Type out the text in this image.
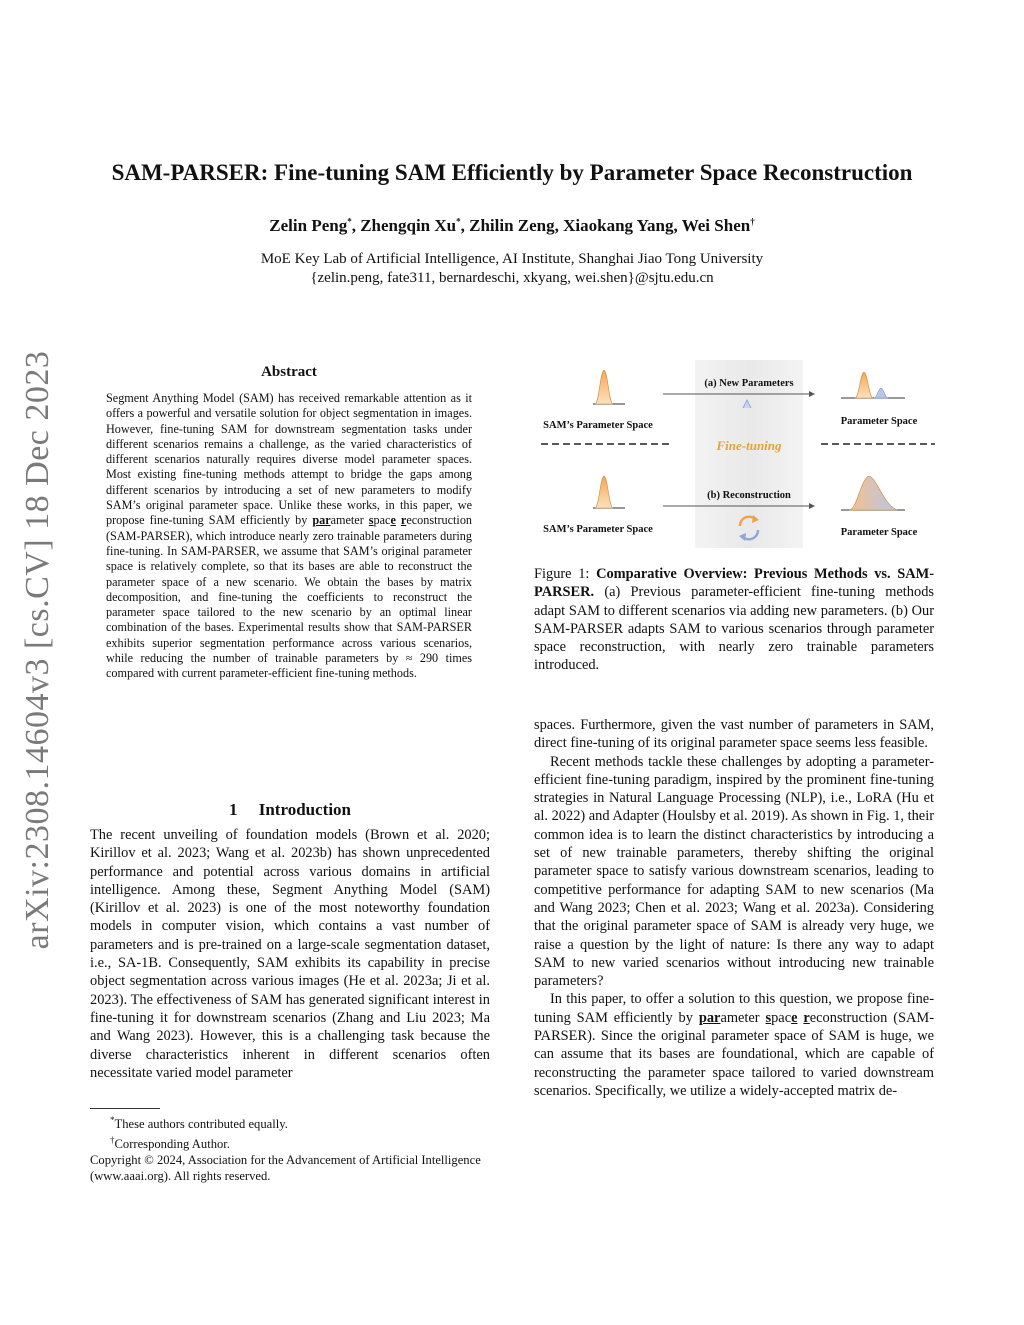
arXiv:2308.14604v3 [cs.CV] 18 Dec 2023
SAM-PARSER: Fine-tuning SAM Efficiently by Parameter Space Reconstruction
Zelin Peng*, Zhengqin Xu*, Zhilin Zeng, Xiaokang Yang, Wei Shen†
MoE Key Lab of Artificial Intelligence, AI Institute, Shanghai Jiao Tong University
{zelin.peng, fate311, bernardeschi, xkyang, wei.shen}@sjtu.edu.cn
Abstract
Segment Anything Model (SAM) has received remarkable attention as it offers a powerful and versatile solution for object segmentation in images. However, fine-tuning SAM for downstream segmentation tasks under different scenarios remains a challenge, as the varied characteristics of different scenarios naturally requires diverse model parameter spaces. Most existing fine-tuning methods attempt to bridge the gaps among different scenarios by introducing a set of new parameters to modify SAM’s original parameter space. Unlike these works, in this paper, we propose fine-tuning SAM efficiently by parameter space reconstruction (SAM-PARSER), which introduce nearly zero trainable parameters during fine-tuning. In SAM-PARSER, we assume that SAM’s original parameter space is relatively complete, so that its bases are able to reconstruct the parameter space of a new scenario. We obtain the bases by matrix decomposition, and fine-tuning the coefficients to reconstruct the parameter space tailored to the new scenario by an optimal linear combination of the bases. Experimental results show that SAM-PARSER exhibits superior segmentation performance across various scenarios, while reducing the number of trainable parameters by ≈ 290 times compared with current parameter-efficient fine-tuning methods.
1     Introduction
The recent unveiling of foundation models (Brown et al. 2020; Kirillov et al. 2023; Wang et al. 2023b) has shown unprecedented performance and potential across various domains in artificial intelligence. Among these, Segment Anything Model (SAM) (Kirillov et al. 2023) is one of the most noteworthy foundation models in computer vision, which contains a vast number of parameters and is pre-trained on a large-scale segmentation dataset, i.e., SA-1B. Consequently, SAM exhibits its capability in precise object segmentation across various images (He et al. 2023a; Ji et al. 2023). The effectiveness of SAM has generated significant interest in fine-tuning it for downstream scenarios (Zhang and Liu 2023; Ma and Wang 2023). However, this is a challenging task because the diverse characteristics inherent in different scenarios often necessitate varied model parameter
*These authors contributed equally.
†Corresponding Author.
Copyright © 2024, Association for the Advancement of Artificial Intelligence (www.aaai.org). All rights reserved.
SAM’s Parameter Space
(a) New Parameters
Fine-tuning
Parameter Space
SAM’s Parameter Space
(b) Reconstruction
Parameter Space
Figure 1: Comparative Overview: Previous Methods vs. SAM-PARSER. (a) Previous parameter-efficient fine-tuning methods adapt SAM to different scenarios via adding new parameters. (b) Our SAM-PARSER adapts SAM to various scenarios through parameter space reconstruction, with nearly zero trainable parameters introduced.

spaces. Furthermore, given the vast number of parameters in SAM, direct fine-tuning of its original parameter space seems less feasible.

Recent methods tackle these challenges by adopting a parameter-efficient fine-tuning paradigm, inspired by the prominent fine-tuning strategies in Natural Language Processing (NLP), i.e., LoRA (Hu et al. 2022) and Adapter (Houlsby et al. 2019). As shown in Fig. 1, their common idea is to learn the distinct characteristics by introducing a set of new trainable parameters, thereby shifting the original parameter space to satisfy various downstream scenarios, leading to competitive performance for adapting SAM to new scenarios (Ma and Wang 2023; Chen et al. 2023; Wang et al. 2023a). Considering that the original parameter space of SAM is already very huge, we raise a question by the light of nature: Is there any way to adapt SAM to new varied scenarios without introducing new trainable parameters?

In this paper, to offer a solution to this question, we propose fine-tuning SAM efficiently by parameter space reconstruction (SAM-PARSER). Since the original parameter space of SAM is huge, we can assume that its bases are foundational, which are capable of reconstructing the parameter space tailored to varied downstream scenarios. Specifically, we utilize a widely-accepted matrix de-
